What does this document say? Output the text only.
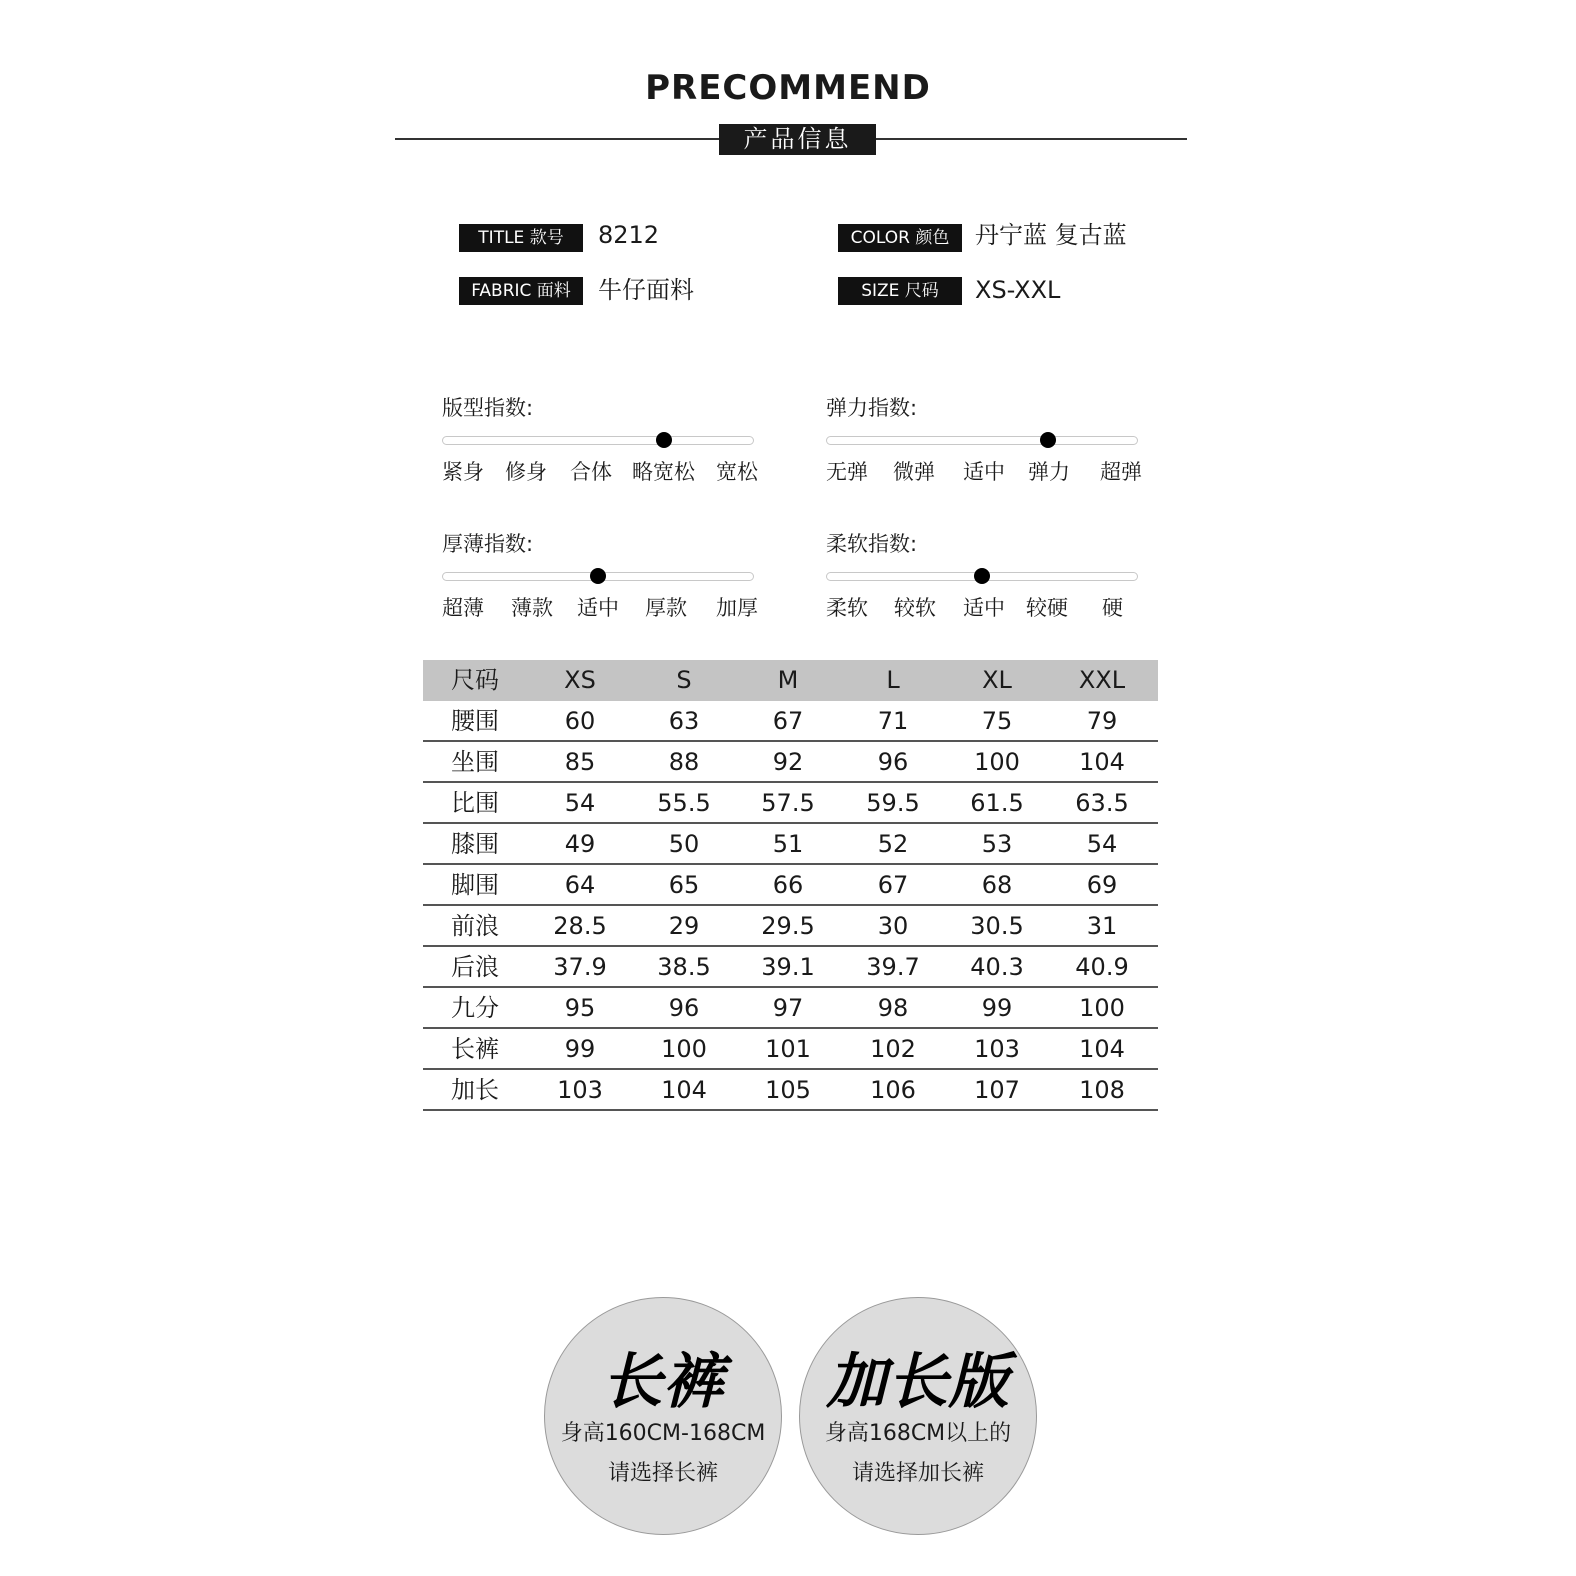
PRECOMMEND
产品信息
TITLE 款号	8212
FABRIC 面料	牛仔面料
COLOR 颜色	丹宁蓝 复古蓝
SIZE 尺码	XS-XXL
版型指数:
紧身 修身 合体 略宽松 宽松
弹力指数:
无弹 微弹 适中 弹力 超弹
厚薄指数:
超薄 薄款 适中 厚款 加厚
柔软指数:
柔软 较软 适中 较硬 硬
尺码	XS	S	M	L	XL	XXL
腰围	60	63	67	71	75	79
坐围	85	88	92	96	100	104
比围	54	55.5	57.5	59.5	61.5	63.5
膝围	49	50	51	52	53	54
脚围	64	65	66	67	68	69
前浪	28.5	29	29.5	30	30.5	31
后浪	37.9	38.5	39.1	39.7	40.3	40.9
九分	95	96	97	98	99	100
长裤	99	100	101	102	103	104
加长	103	104	105	106	107	108
长裤
身高160CM-168CM
请选择长裤
加长版
身高168CM以上的
请选择加长裤
